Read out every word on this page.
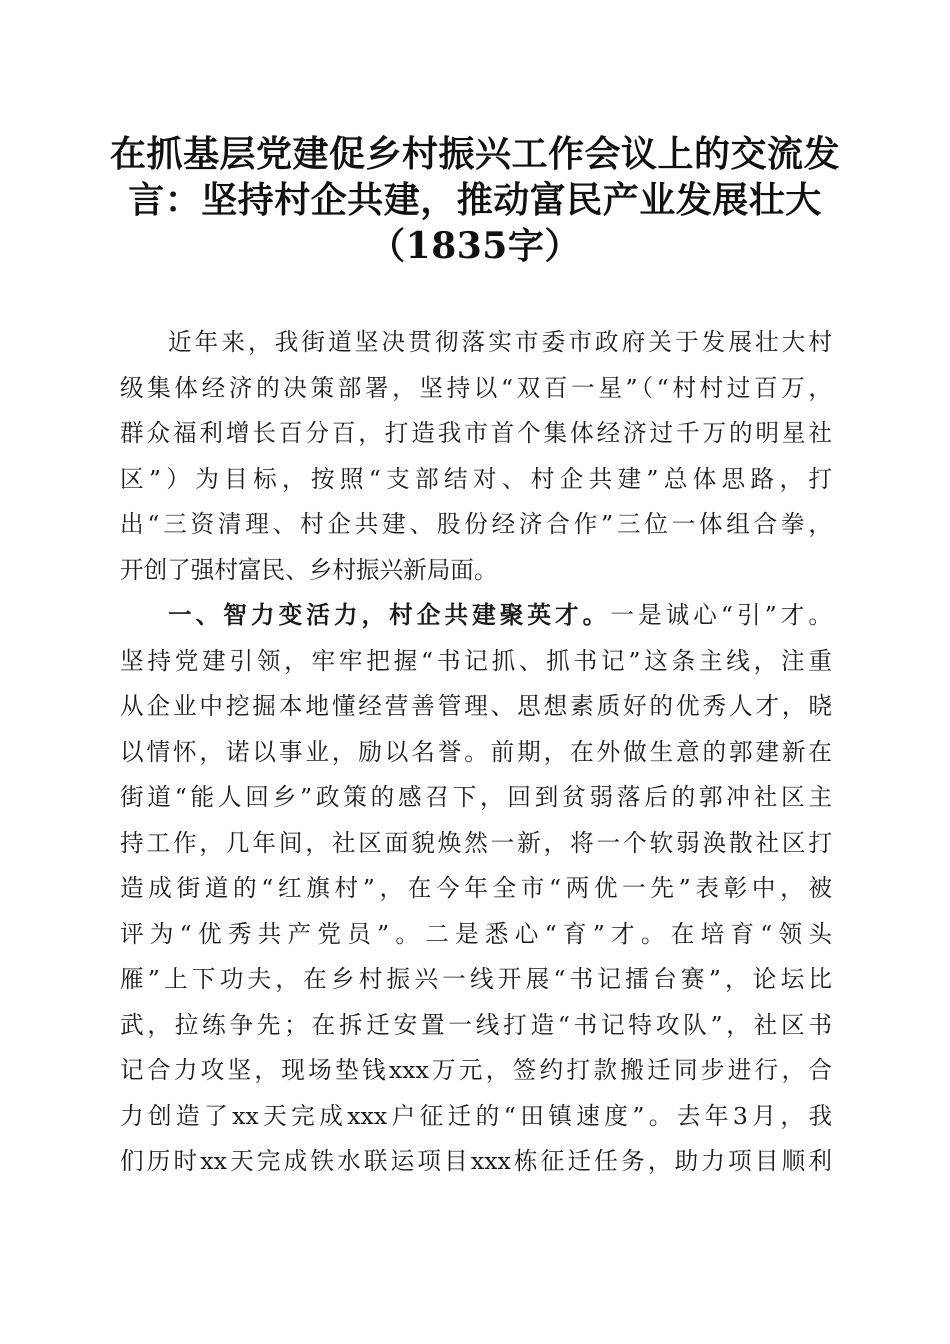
在抓基层党建促乡村振兴工作会议上的交流发
言：坚持村企共建，推动富民产业发展壮大
（1835字）
近年来，我街道坚决贯彻落实市委市政府关于发展壮大村
级集体经济的决策部署，坚持以“双百一星”（“村村过百万，
群众福利增长百分百，打造我市首个集体经济过千万的明星社
区”）为目标，按照“支部结对、村企共建”总体思路，打
出“三资清理、村企共建、股份经济合作”三位一体组合拳，
开创了强村富民、乡村振兴新局面。
一、智力变活力，村企共建聚英才。一是诚心“引”才。
坚持党建引领，牢牢把握“书记抓、抓书记”这条主线，注重
从企业中挖掘本地懂经营善管理、思想素质好的优秀人才，晓
以情怀，诺以事业，励以名誉。前期，在外做生意的郭建新在
街道“能人回乡”政策的感召下，回到贫弱落后的郭冲社区主
持工作，几年间，社区面貌焕然一新，将一个软弱涣散社区打
造成街道的“红旗村”，在今年全市“两优一先”表彰中，被
评为“优秀共产党员”。二是悉心“育”才。在培育“领头
雁”上下功夫，在乡村振兴一线开展“书记擂台赛”，论坛比
武，拉练争先；在拆迁安置一线打造“书记特攻队”，社区书
记合力攻坚，现场垫钱xxx万元，签约打款搬迁同步进行，合
力创造了xx天完成xxx户征迁的“田镇速度”。去年3月，我
们历时xx天完成铁水联运项目xxx栋征迁任务，助力项目顺利
